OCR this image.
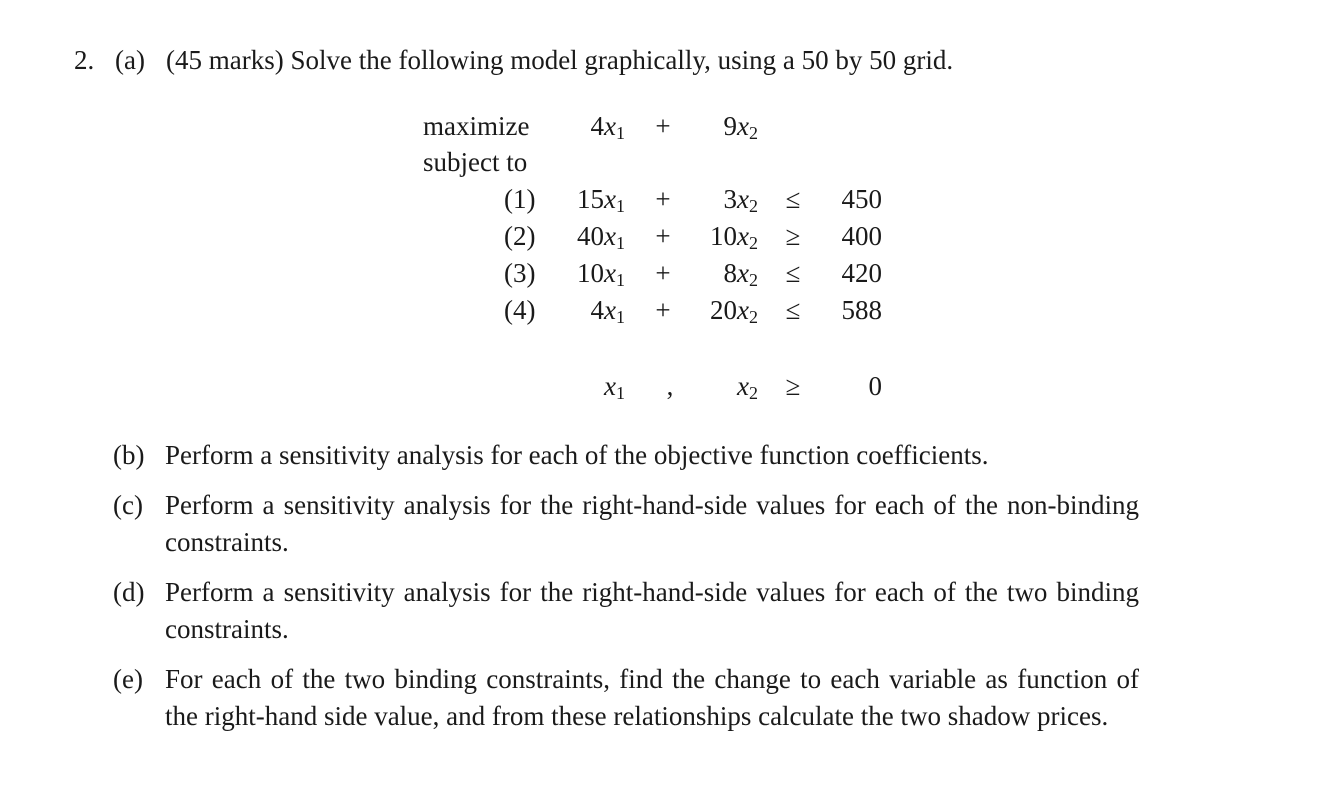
2. (a) (45 marks) Solve the following model graphically, using a 50 by 50 grid.
maximize	$4x_1$ +	$9x_2$
subject to
(1)	$15x_1$ +	$3x_2$ ≤	450
(2)	$40x_1$ +	$10x_2$ ≥	400
(3)	$10x_1$ +	$8x_2$ ≤	420
(4)	$4x_1$ +	$20x_2$ ≤	588
$x_1$ ,	$x_2$ ≥	0
(b) Perform a sensitivity analysis for each of the objective function coefficients.
(c) Perform a sensitivity analysis for the right-hand-side values for each of the non-binding constraints.
(d) Perform a sensitivity analysis for the right-hand-side values for each of the two binding constraints.
(e) For each of the two binding constraints, find the change to each variable as function of the right-hand side value, and from these relationships calculate the two shadow prices.
